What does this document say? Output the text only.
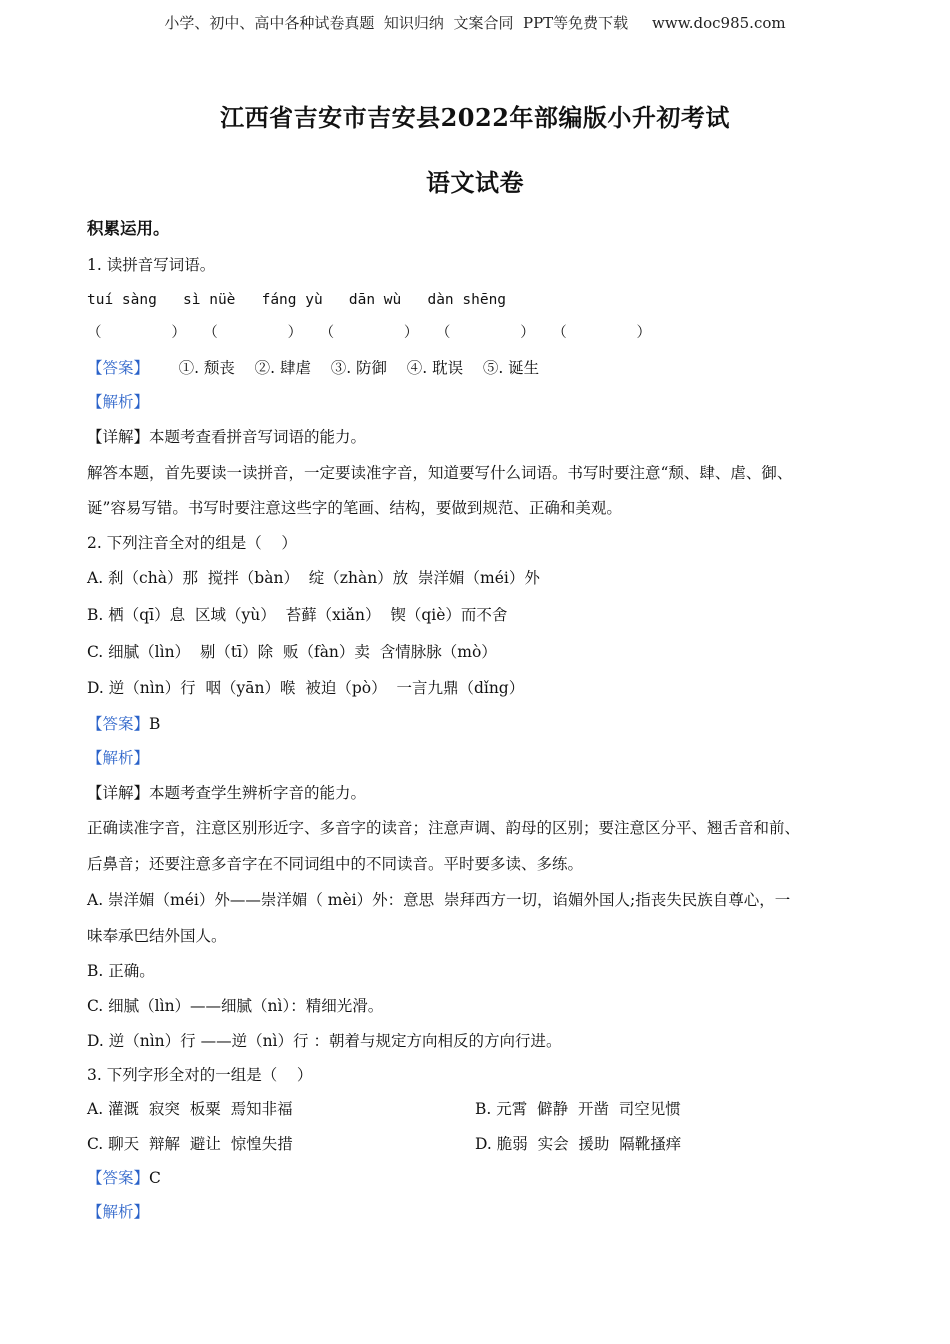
小学、初中、高中各种试卷真题  知识归纳  文案合同  PPT等免费下载     www.doc985.com
江西省吉安市吉安县2022年部编版小升初考试
语文试卷
积累运用。
1. 读拼音写词语。
tuí sàng   sì nüè   fáng yù   dān wù   dàn shēng
（        ）  （        ）  （        ）  （        ）  （        ）
【答案】      ①. 颓丧    ②. 肆虐    ③. 防御    ④. 耽误    ⑤. 诞生
【解析】
【详解】本题考查看拼音写词语的能力。
解答本题，首先要读一读拼音，一定要读准字音，知道要写什么词语。书写时要注意“颓、肆、虐、御、
诞”容易写错。书写时要注意这些字的笔画、结构，要做到规范、正确和美观。
2. 下列注音全对的组是（    ）
A. 刹（chà）那  搅拌（bàn）  绽（zhàn）放  崇洋媚（méi）外
B. 栖（qī）息  区域（yù）  苔藓（xiǎn）  锲（qiè）而不舍
C. 细腻（lìn）  剔（tī）除  贩（fàn）卖  含情脉脉（mò）
D. 逆（nìn）行  咽（yān）喉  被迫（pò）  一言九鼎（dǐng）
【答案】B
【解析】
【详解】本题考查学生辨析字音的能力。
正确读准字音，注意区别形近字、多音字的读音；注意声调、韵母的区别；要注意区分平、翘舌音和前、
后鼻音；还要注意多音字在不同词组中的不同读音。平时要多读、多练。
A. 崇洋媚（méi）外——崇洋媚（ mèi）外：意思  崇拜西方一切，谄媚外国人;指丧失民族自尊心，一
味奉承巴结外国人。
B. 正确。
C. 细腻（lìn）——细腻（nì）：精细光滑。
D. 逆（nìn）行 ——逆（nì）行 ：朝着与规定方向相反的方向行进。
3. 下列字形全对的一组是（    ）
A. 灌溉  寂突  板粟  焉知非福	B. 元霄  僻静  开凿  司空见惯
C. 聊天  辩解  避让  惊惶失措	D. 脆弱  实会  援助  隔靴搔痒
【答案】C
【解析】
